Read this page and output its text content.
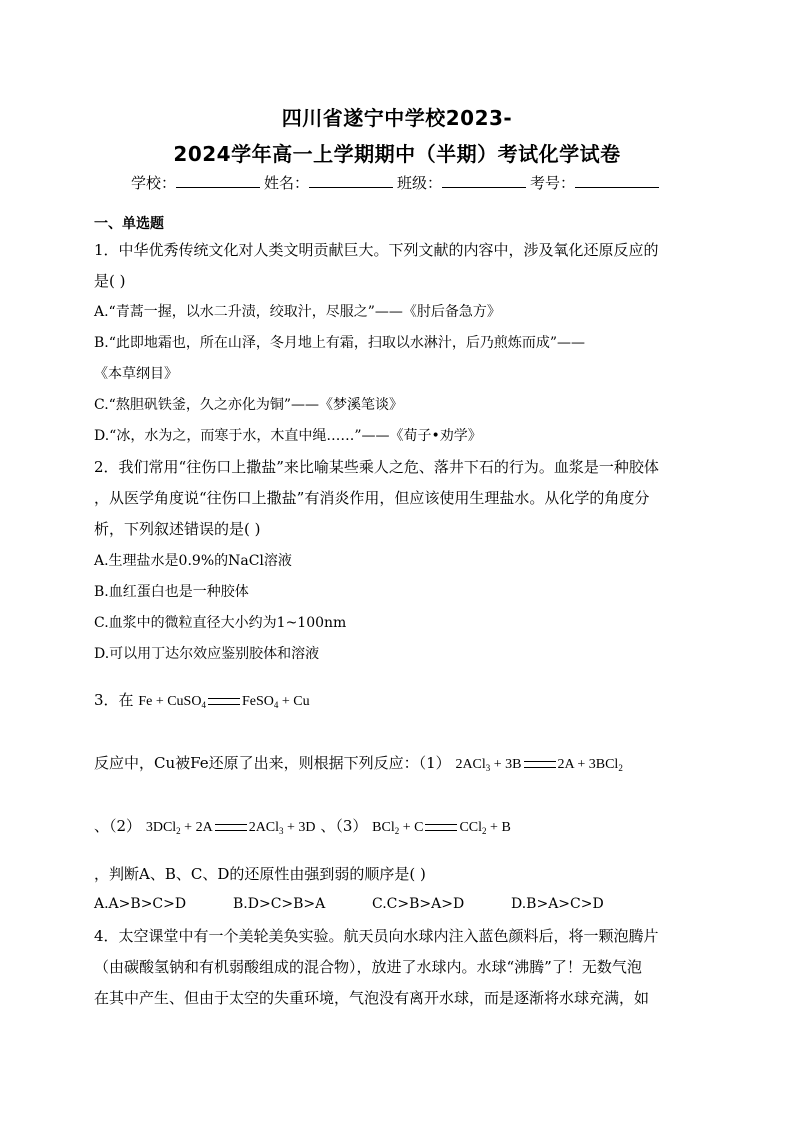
四川省遂宁中学校2023-
2024学年高一上学期期中（半期）考试化学试卷
学校：	姓名：	班级：	考号：
一、单选题
1．中华优秀传统文化对人类文明贡献巨大。下列文献的内容中，涉及氧化还原反应的
是( )
A.“青蒿一握，以水二升渍，绞取汁，尽服之”——《肘后备急方》
B.“此即地霜也，所在山泽，冬月地上有霜，扫取以水淋汁，后乃煎炼而成”——
《本草纲目》
C.“熬胆矾铁釜，久之亦化为铜”——《梦溪笔谈》
D.“冰，水为之，而寒于水，木直中绳……”——《荀子•劝学》
2．我们常用“往伤口上撒盐”来比喻某些乘人之危、落井下石的行为。血浆是一种胶体
，从医学角度说“往伤口上撒盐”有消炎作用，但应该使用生理盐水。从化学的角度分
析，下列叙述错误的是( )
A.生理盐水是0.9%的NaCl溶液
B.血红蛋白也是一种胶体
C.血浆中的微粒直径大小约为1~100nm
D.可以用丁达尔效应鉴别胶体和溶液
3．在 Fe + CuSO$_4$	FeSO$_4$ + Cu
反应中，Cu被Fe还原了出来，则根据下列反应：（1） 2ACl$_3$ + 3B	2A + 3BCl$_2$
、（2） 3DCl$_2$ + 2A	2ACl$_3$ + 3D 、（3） BCl$_2$ + C	CCl$_2$ + B
，判断A、B、C、D的还原性由强到弱的顺序是( )
A.A>B>C>D	B.D>C>B>A	C.C>B>A>D	D.B>A>C>D
4．太空课堂中有一个美轮美奂实验。航天员向水球内注入蓝色颜料后，将一颗泡腾片
（由碳酸氢钠和有机弱酸组成的混合物），放进了水球内。水球“沸腾”了！无数气泡
在其中产生、但由于太空的失重环境，气泡没有离开水球，而是逐渐将水球充满，如
